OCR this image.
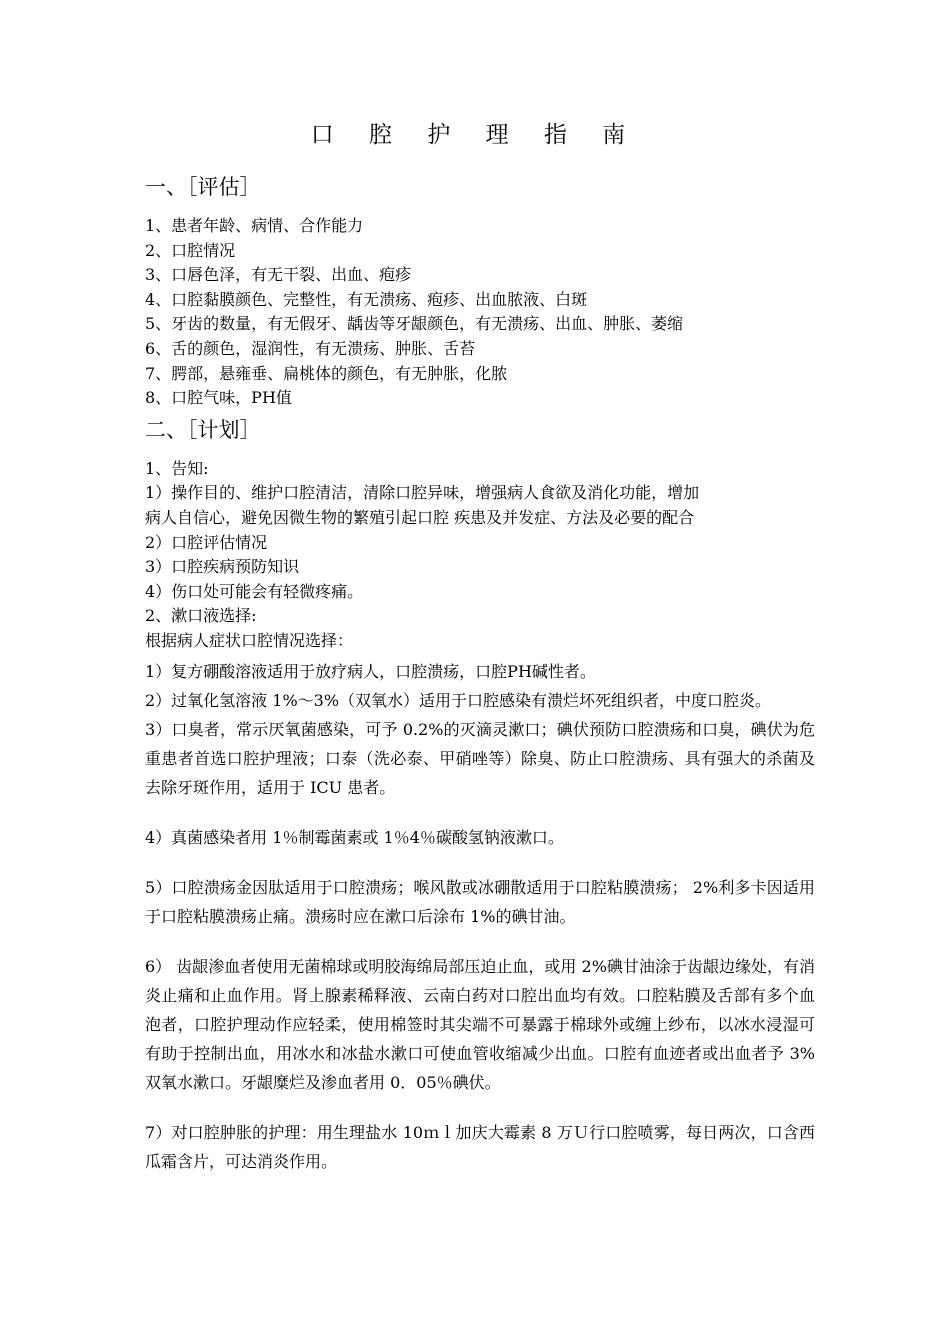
口 腔 护 理 指 南
一、［评估］

1、患者年龄、病情、合作能力

2、口腔情况

3、口唇色泽，有无干裂、出血、疱疹

4、口腔黏膜颜色、完整性，有无溃疡、疱疹、出血脓液、白斑

5、牙齿的数量，有无假牙、龋齿等牙龈颜色，有无溃疡、出血、肿胀、萎缩

6、舌的颜色，湿润性，有无溃疡、肿胀、舌苔

7、腭部，悬雍垂、扁桃体的颜色，有无肿胀，化脓

8、口腔气味，PH值

二、［计划］

1、告知:

1）操作目的、维护口腔清洁，清除口腔异味，增强病人食欲及消化功能，增加

病人自信心，避免因微生物的繁殖引起口腔 疾患及并发症、方法及必要的配合

2）口腔评估情况

3）口腔疾病预防知识

4）伤口处可能会有轻微疼痛。

2、漱口液选择:

根据病人症状口腔情况选择：

1）复方硼酸溶液适用于放疗病人，口腔溃疡，口腔PH碱性者。

2）过氧化氢溶液 1%～3%（双氧水）适用于口腔感染有溃烂坏死组织者，中度口腔炎。

3）口臭者，常示厌氧菌感染，可予 0.2%的灭滴灵漱口；碘伏预防口腔溃疡和口臭，碘伏为危重患者首选口腔护理液；口泰（洗必泰、甲硝唑等）除臭、防止口腔溃疡、具有强大的杀菌及去除牙斑作用，适用于 ICU 患者。

4）真菌感染者用 1％制霉菌素或 1％4％碳酸氢钠液漱口。

5）口腔溃疡金因肽适用于口腔溃疡；喉风散或冰硼散适用于口腔粘膜溃疡； 2%利多卡因适用于口腔粘膜溃疡止痛。溃疡时应在漱口后涂布 1%的碘甘油。

6） 齿龈渗血者使用无菌棉球或明胶海绵局部压迫止血，或用 2%碘甘油涂于齿龈边缘处，有消炎止痛和止血作用。肾上腺素稀释液、云南白药对口腔出血均有效。口腔粘膜及舌部有多个血泡者，口腔护理动作应轻柔，使用棉签时其尖端不可暴露于棉球外或缠上纱布，以冰水浸湿可有助于控制出血，用冰水和冰盐水漱口可使血管收缩减少出血。口腔有血迹者或出血者予 3%双氧水漱口。牙龈糜烂及渗血者用 0．05％碘伏。

7）对口腔肿胀的护理：用生理盐水 10ｍｌ加庆大霉素 8 万Ｕ行口腔喷雾，每日两次，口含西瓜霜含片，可达消炎作用。
